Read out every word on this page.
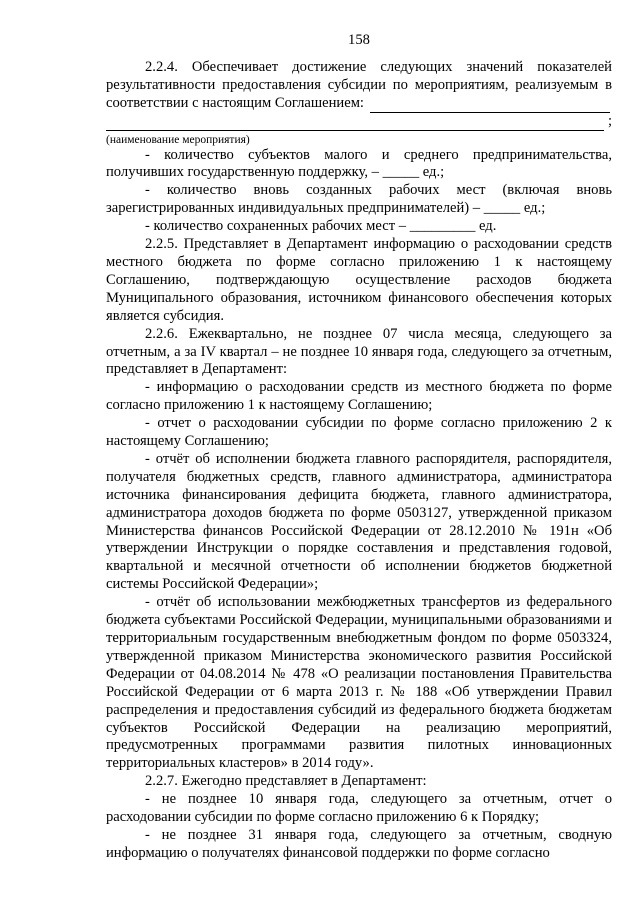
158

2.2.4. Обеспечивает достижение следующих значений показателей

результативности предоставления субсидии по мероприятиям, реализуемым в

соответствии с настоящим Соглашением:
;

(наименование мероприятия)

- количество субъектов малого и среднего предпринимательства,

получивших государственную поддержку, – _____ ед.;

- количество вновь созданных рабочих мест (включая вновь

зарегистрированных индивидуальных предпринимателей) – _____ ед.;

- количество сохраненных рабочих мест – _________ ед.

2.2.5. Представляет в Департамент информацию о расходовании средств местного бюджета по форме согласно приложению 1 к настоящему Соглашению, подтверждающую осуществление расходов бюджета Муниципального образования, источником финансового обеспечения которых является субсидия.

2.2.6. Ежеквартально, не позднее 07 числа месяца, следующего за отчетным, а за IV квартал – не позднее 10 января года, следующего за отчетным, представляет в Департамент:

- информацию о расходовании средств из местного бюджета по форме согласно приложению 1 к настоящему Соглашению;

- отчет о расходовании субсидии по форме согласно приложению 2 к настоящему Соглашению;

- отчёт об исполнении бюджета главного распорядителя, распорядителя, получателя бюджетных средств, главного администратора, администратора источника финансирования дефицита бюджета, главного администратора, администратора доходов бюджета по форме 0503127, утвержденной приказом Министерства финансов Российской Федерации от 28.12.2010 № 191н «Об утверждении Инструкции о порядке составления и представления годовой, квартальной и месячной отчетности об исполнении бюджетов бюджетной системы Российской Федерации»;

- отчёт об использовании межбюджетных трансфертов из федерального бюджета субъектами Российской Федерации, муниципальными образованиями и территориальным государственным внебюджетным фондом по форме 0503324, утвержденной приказом Министерства экономического развития Российской Федерации от 04.08.2014 № 478 «О реализации постановления Правительства Российской Федерации от 6 марта 2013 г. № 188 «Об утверждении Правил распределения и предоставления субсидий из федерального бюджета бюджетам субъектов Российской Федерации на реализацию мероприятий, предусмотренных программами развития пилотных инновационных территориальных кластеров» в 2014 году».

2.2.7. Ежегодно представляет в Департамент:

- не позднее 10 января года, следующего за отчетным, отчет о расходовании субсидии по форме согласно приложению 6 к Порядку;

- не позднее 31 января года, следующего за отчетным, сводную информацию о получателях финансовой поддержки по форме согласно
